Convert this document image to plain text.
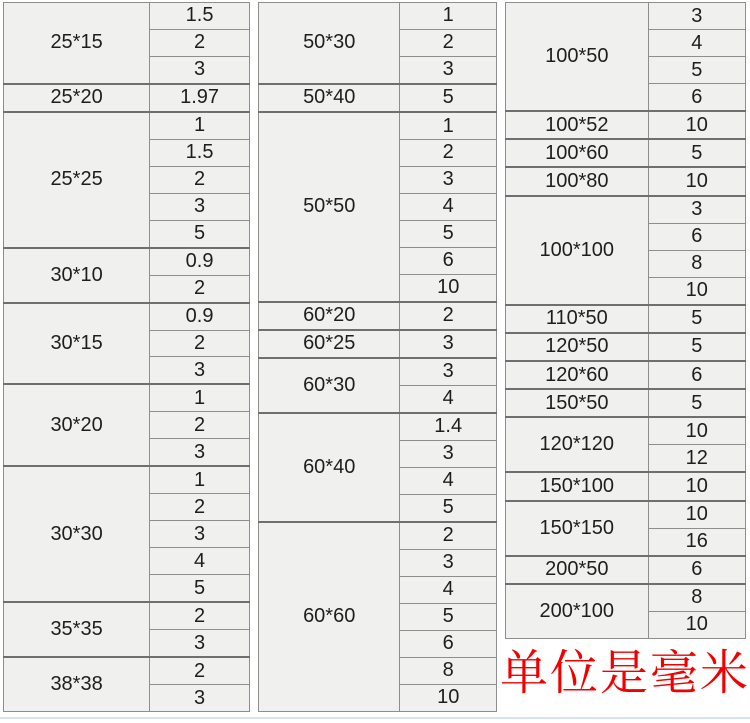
25*15	1.5
	2
	3
25*20	1.97
25*25	1
	1.5
	2
	3
	5
30*10	0.9
	2
30*15	0.9
	2
	3
30*20	1
	2
	3
30*30	1
	2
	3
	4
	5
35*35	2
	3
38*38	2
	3
50*30	1
	2
	3
50*40	5
50*50	1
	2
	3
	4
	5
	6
	10
60*20	2
60*25	3
60*30	3
	4
60*40	1.4
	3
	4
	5
60*60	2
	3
	4
	5
	6
	8
	10
100*50	3
	4
	5
	6
100*52	10
100*60	5
100*80	10
100*100	3
	6
	8
	10
110*50	5
120*50	5
120*60	6
150*50	5
120*120	10
	12
150*100	10
150*150	10
	16
200*50	6
200*100	8
	10
单位是毫米
